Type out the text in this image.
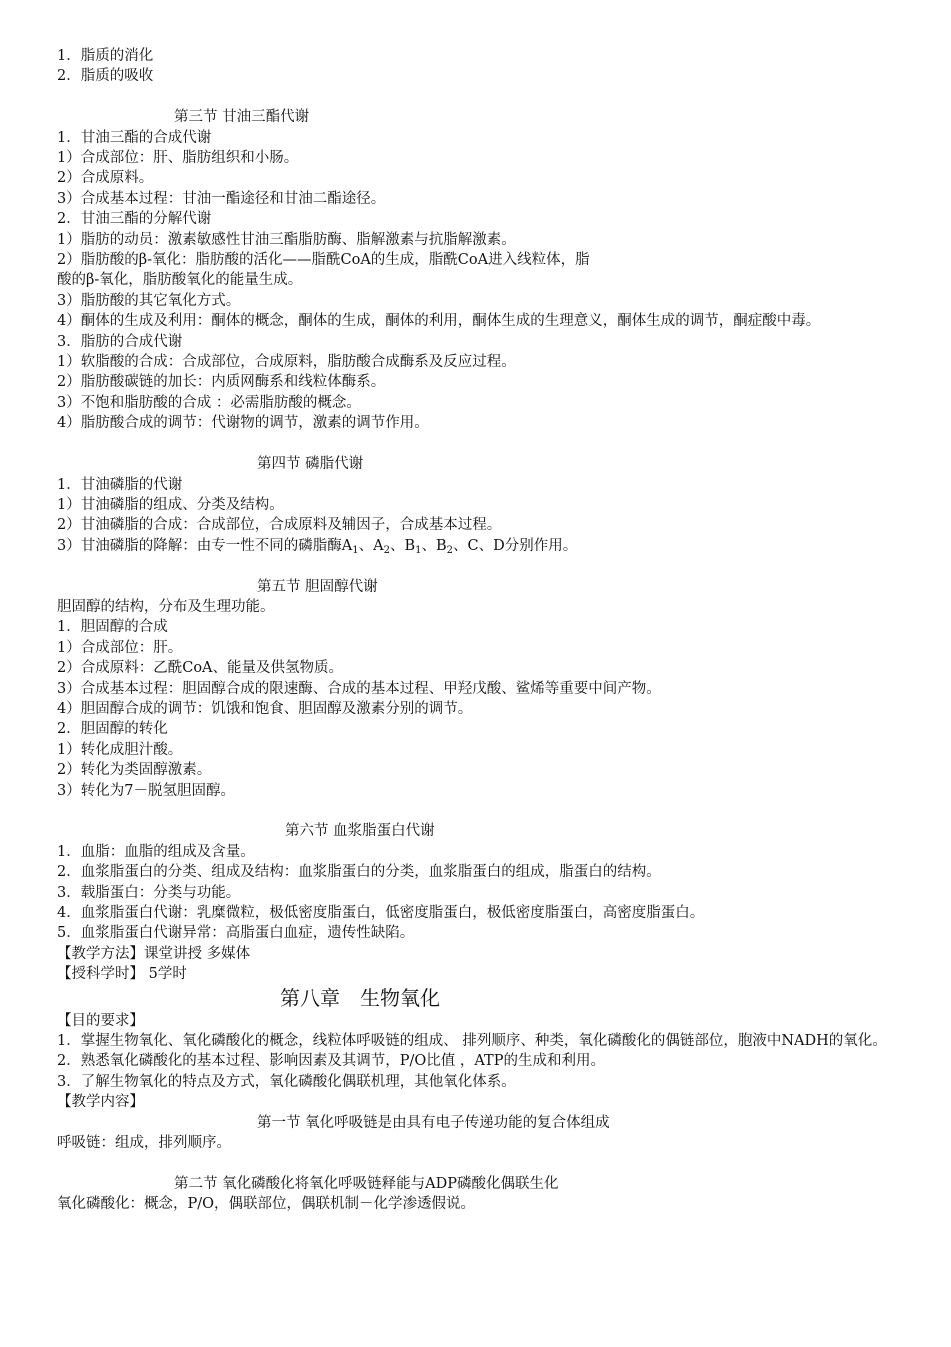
1．脂质的消化
2．脂质的吸收
第三节 甘油三酯代谢
1．甘油三酯的合成代谢
1）合成部位：肝、脂肪组织和小肠。
2）合成原料。
3）合成基本过程：甘油一酯途径和甘油二酯途径。
2．甘油三酯的分解代谢
1）脂肪的动员：激素敏感性甘油三酯脂肪酶、脂解激素与抗脂解激素。
2）脂肪酸的β-氧化：脂肪酸的活化——脂酰CoA的生成，脂酰CoA进入线粒体，脂
酸的β-氧化，脂肪酸氧化的能量生成。
3）脂肪酸的其它氧化方式。
4）酮体的生成及利用：酮体的概念，酮体的生成，酮体的利用，酮体生成的生理意义，酮体生成的调节，酮症酸中毒。
3．脂肪的合成代谢
1）软脂酸的合成：合成部位，合成原料，脂肪酸合成酶系及反应过程。
2）脂肪酸碳链的加长：内质网酶系和线粒体酶系。
3）不饱和脂肪酸的合成 ：必需脂肪酸的概念。
4）脂肪酸合成的调节：代谢物的调节，激素的调节作用。
第四节 磷脂代谢
1．甘油磷脂的代谢
1）甘油磷脂的组成、分类及结构。
2）甘油磷脂的合成：合成部位，合成原料及辅因子，合成基本过程。
3）甘油磷脂的降解：由专一性不同的磷脂酶$A_1$、$A_2$、$B_1$、$B_2$、C、D分别作用。
第五节 胆固醇代谢
胆固醇的结构，分布及生理功能。
1．胆固醇的合成
1）合成部位：肝。
2）合成原料：乙酰CoA、能量及供氢物质。
3）合成基本过程：胆固醇合成的限速酶、合成的基本过程、甲羟戊酸、鲨烯等重要中间产物。
4）胆固醇合成的调节：饥饿和饱食、胆固醇及激素分别的调节。
2．胆固醇的转化
1）转化成胆汁酸。
2）转化为类固醇激素。
3）转化为7－脱氢胆固醇。
第六节 血浆脂蛋白代谢
1．血脂：血脂的组成及含量。
2．血浆脂蛋白的分类、组成及结构：血浆脂蛋白的分类，血浆脂蛋白的组成，脂蛋白的结构。
3．载脂蛋白：分类与功能。
4．血浆脂蛋白代谢：乳糜微粒，极低密度脂蛋白，低密度脂蛋白，极低密度脂蛋白，高密度脂蛋白。
5．血浆脂蛋白代谢异常：高脂蛋白血症，遗传性缺陷。
【教学方法】课堂讲授 多媒体
【授科学时】 5学时
第八章　生物氧化
【目的要求】
1．掌握生物氧化、氧化磷酸化的概念，线粒体呼吸链的组成、 排列顺序、种类，氧化磷酸化的偶链部位，胞液中NADH的氧化。
2．熟悉氧化磷酸化的基本过程、影响因素及其调节，P/O比值 ，ATP的生成和利用。
3．了解生物氧化的特点及方式，氧化磷酸化偶联机理，其他氧化体系。
【教学内容】
第一节 氧化呼吸链是由具有电子传递功能的复合体组成
呼吸链：组成，排列顺序。
第二节 氧化磷酸化将氧化呼吸链释能与ADP磷酸化偶联生化
氧化磷酸化：概念，P/O，偶联部位，偶联机制－化学渗透假说。
